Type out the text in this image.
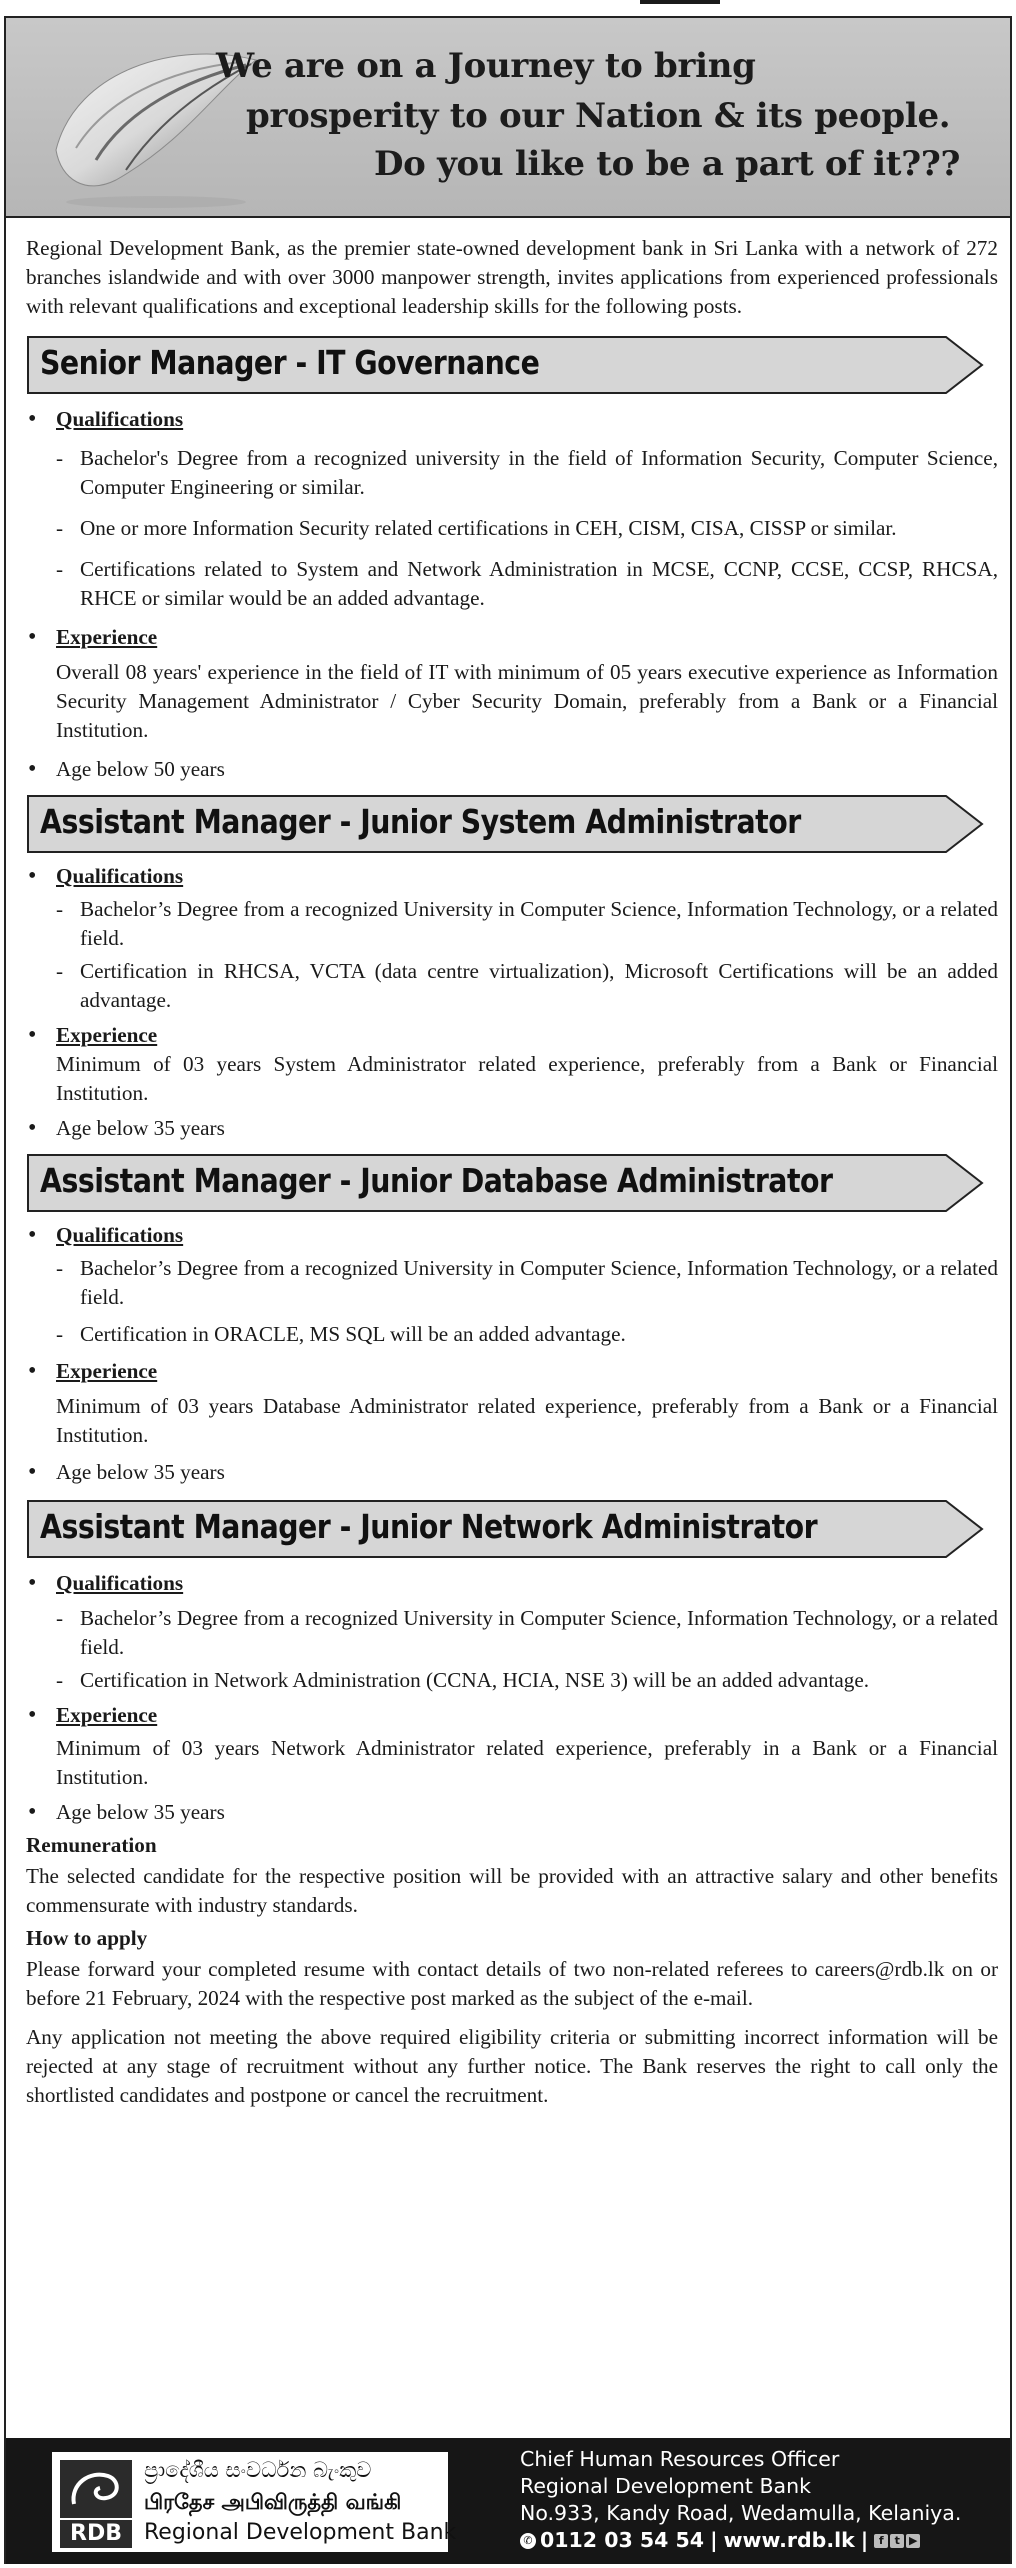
We are on a Journey to bring
prosperity to our Nation & its people.
Do you like to be a part of it???

Regional Development Bank, as the premier state-owned development bank in Sri Lanka with a network of 272 branches islandwide and with over 3000 manpower strength, invites applications from experienced professionals with relevant qualifications and exceptional leadership skills for the following posts.

Senior Manager - IT Governance
• Qualifications
- Bachelor's Degree from a recognized university in the field of Information Security, Computer Science, Computer Engineering or similar.
- One or more Information Security related certifications in CEH, CISM, CISA, CISSP or similar.
- Certifications related to System and Network Administration in MCSE, CCNP, CCSE, CCSP, RHCSA, RHCE or similar would be an added advantage.
• Experience
Overall 08 years' experience in the field of IT with minimum of 05 years executive experience as Information Security Management Administrator / Cyber Security Domain, preferably from a Bank or a Financial Institution.
• Age below 50 years
Assistant Manager - Junior System Administrator
• Qualifications
- Bachelor’s Degree from a recognized University in Computer Science, Information Technology, or a related field.
- Certification in RHCSA, VCTA (data centre virtualization), Microsoft Certifications will be an added advantage.
• Experience
Minimum of 03 years System Administrator related experience, preferably from a Bank or Financial Institution.
• Age below 35 years
Assistant Manager - Junior Database Administrator
• Qualifications
- Bachelor’s Degree from a recognized University in Computer Science, Information Technology, or a related field.
- Certification in ORACLE, MS SQL will be an added advantage.
• Experience
Minimum of 03 years Database Administrator related experience, preferably from a Bank or a Financial Institution.
• Age below 35 years
Assistant Manager - Junior Network Administrator
• Qualifications
- Bachelor’s Degree from a recognized University in Computer Science, Information Technology, or a related field.
- Certification in Network Administration (CCNA, HCIA, NSE 3) will be an added advantage.
• Experience
Minimum of 03 years Network Administrator related experience, preferably in a Bank or a Financial Institution.
• Age below 35 years
Remuneration

The selected candidate for the respective position will be provided with an attractive salary and other benefits commensurate with industry standards.

How to apply

Please forward your completed resume with contact details of two non-related referees to careers@rdb.lk on or before 21 February, 2024 with the respective post marked as the subject of the e-mail.

Any application not meeting the above required eligibility criteria or submitting incorrect information will be rejected at any stage of recruitment without any further notice. The Bank reserves the right to call only the shortlisted candidates and postpone or cancel the recruitment.

RDB
ප්‍රාදේශීය සංවර්ධන බැංකුව
பிரதேச அபிவிருத்தி வங்கி
Regional Development Bank
Chief Human Resources Officer
Regional Development Bank
No.933, Kandy Road, Wedamulla, Kelaniya.
✆ 0112 03 54 54 | www.rdb.lk | f t ▶
